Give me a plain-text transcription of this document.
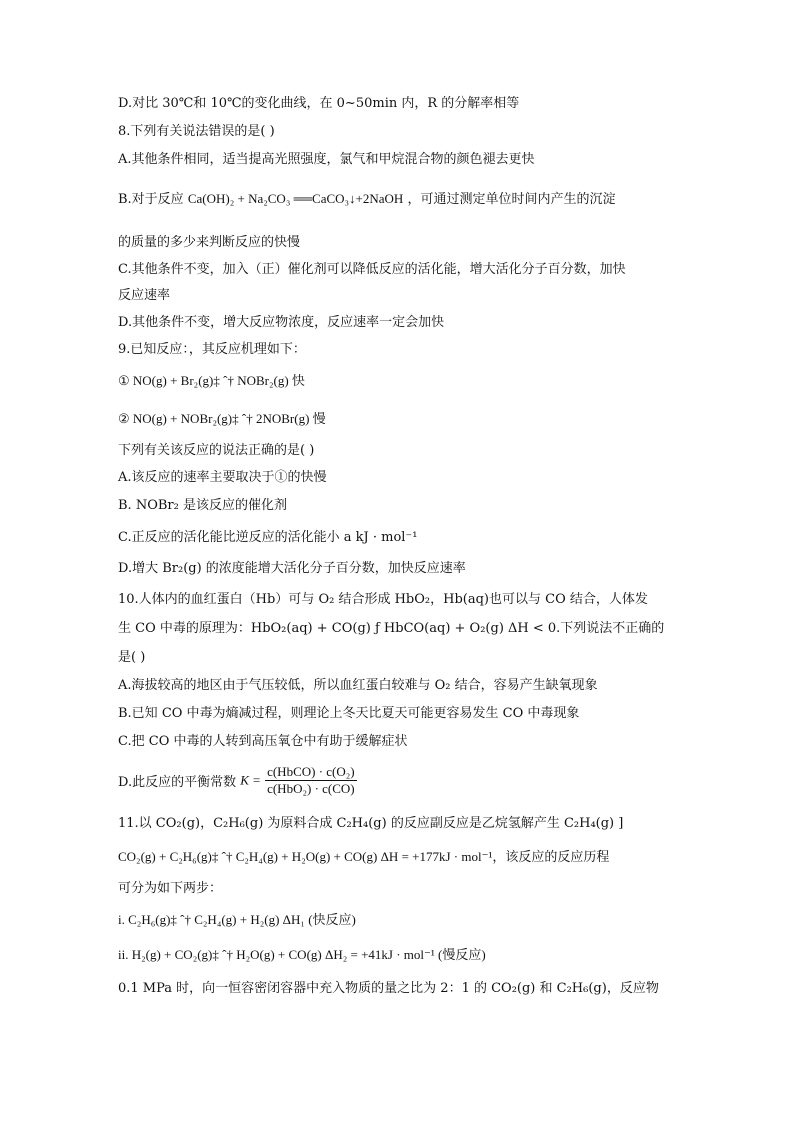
D.对比 30℃和 10℃的变化曲线，在 0~50min 内，R 的分解率相等
8.下列有关说法错误的是( )
A.其他条件相同，适当提高光照强度，氯气和甲烷混合物的颜色褪去更快
B.对于反应 Ca(OH)₂ + Na₂CO₃ ══CaCO₃↓+2NaOH ，可通过测定单位时间内产生的沉淀
的质量的多少来判断反应的快慢
C.其他条件不变，加入（正）催化剂可以降低反应的活化能，增大活化分子百分数，加快
反应速率
D.其他条件不变，增大反应物浓度，反应速率一定会加快
9.已知反应：，其反应机理如下：
① NO(g) + Br₂(g)‡ ˆ† NOBr₂(g) 快
② NO(g) + NOBr₂(g)‡ ˆ† 2NOBr(g) 慢
下列有关该反应的说法正确的是( )
A.该反应的速率主要取决于①的快慢
B. NOBr₂ 是该反应的催化剂
C.正反应的活化能比逆反应的活化能小 a kJ · mol⁻¹
D.增大 Br₂(g) 的浓度能增大活化分子百分数，加快反应速率
10.人体内的血红蛋白（Hb）可与 O₂ 结合形成 HbO₂，Hb(aq)也可以与 CO 结合，人体发
生 CO 中毒的原理为：HbO₂(aq) + CO(g) ƒ HbCO(aq) + O₂(g) ΔH < 0.下列说法不正确的
是( )
A.海拔较高的地区由于气压较低，所以血红蛋白较难与 O₂ 结合，容易产生缺氧现象
B.已知 CO 中毒为熵减过程，则理论上冬天比夏天可能更容易发生 CO 中毒现象
C.把 CO 中毒的人转到高压氧仓中有助于缓解症状
D.此反应的平衡常数 $K = \frac{\text{c(HbCO) · c(O₂)}}{\text{c(HbO₂) · c(CO)}}$
11.以 CO₂(g)，C₂H₆(g) 为原料合成 C₂H₄(g) 的反应副反应是乙烷氢解产生 C₂H₄(g) ]
CO₂(g) + C₂H₆(g)‡ ˆ† C₂H₄(g) + H₂O(g) + CO(g) ΔH = +177kJ · mol⁻¹，该反应的反应历程
可分为如下两步：
i. C₂H₆(g)‡ ˆ† C₂H₄(g) + H₂(g) ΔH₁ (快反应)
ii. H₂(g) + CO₂(g)‡ ˆ† H₂O(g) + CO(g) ΔH₂ = +41kJ · mol⁻¹ (慢反应)
0.1 MPa 时，向一恒容密闭容器中充入物质的量之比为 2：1 的 CO₂(g) 和 C₂H₆(g)，反应物
